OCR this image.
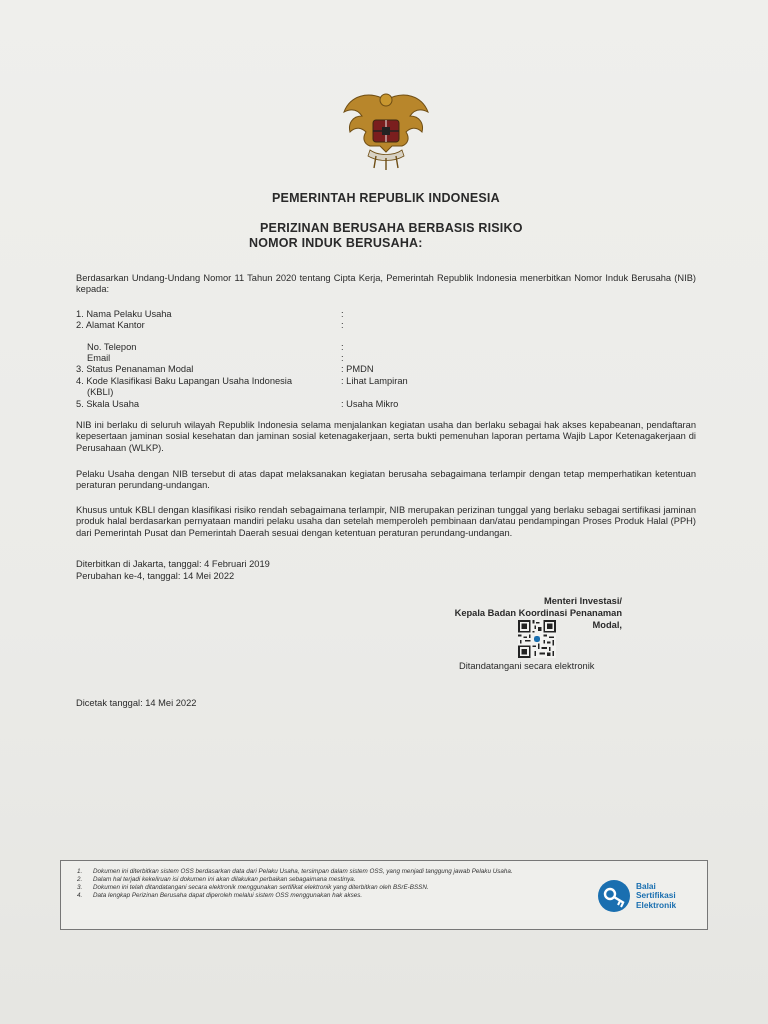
PEMERINTAH REPUBLIK INDONESIA
PERIZINAN BERUSAHA BERBASIS RISIKO
NOMOR INDUK BERUSAHA:
Berdasarkan Undang-Undang Nomor 11 Tahun 2020 tentang Cipta Kerja, Pemerintah Republik Indonesia menerbitkan Nomor Induk Berusaha (NIB) kepada:
1. Nama Pelaku Usaha	:
2. Alamat Kantor	:
No. Telepon	:
Email	:
3. Status Penanaman Modal	: PMDN
4. Kode Klasifikasi Baku Lapangan Usaha Indonesia	: Lihat Lampiran
(KBLI)
5. Skala Usaha	: Usaha Mikro
NIB ini berlaku di seluruh wilayah Republik Indonesia selama menjalankan kegiatan usaha dan berlaku sebagai hak akses kepabeanan, pendaftaran kepesertaan jaminan sosial kesehatan dan jaminan sosial ketenagakerjaan, serta bukti pemenuhan laporan pertama Wajib Lapor Ketenagakerjaan di Perusahaan (WLKP).
Pelaku Usaha dengan NIB tersebut di atas dapat melaksanakan kegiatan berusaha sebagaimana terlampir dengan tetap memperhatikan ketentuan peraturan perundang-undangan.
Khusus untuk KBLI dengan klasifikasi risiko rendah sebagaimana terlampir, NIB merupakan perizinan tunggal yang berlaku sebagai sertifikasi jaminan produk halal berdasarkan pernyataan mandiri pelaku usaha dan setelah memperoleh pembinaan dan/atau pendampingan Proses Produk Halal (PPH) dari Pemerintah Pusat dan Pemerintah Daerah sesuai dengan ketentuan peraturan perundang-undangan.
Diterbitkan di Jakarta, tanggal: 4 Februari 2019
Perubahan ke-4, tanggal: 14 Mei 2022
Menteri Investasi/
Kepala Badan Koordinasi Penanaman Modal,
Ditandatangani secara elektronik
Dicetak tanggal: 14 Mei 2022
1. Dokumen ini diterbitkan sistem OSS berdasarkan data dari Pelaku Usaha, tersimpan dalam sistem OSS, yang menjadi tanggung jawab Pelaku Usaha.
2. Dalam hal terjadi kekeliruan isi dokumen ini akan dilakukan perbaikan sebagaimana mestinya.
3. Dokumen ini telah ditandatangani secara elektronik menggunakan sertifikat elektronik yang diterbitkan oleh BSrE-BSSN.
4. Data lengkap Perizinan Berusaha dapat diperoleh melalui sistem OSS menggunakan hak akses.
Balai
Sertifikasi
Elektronik
